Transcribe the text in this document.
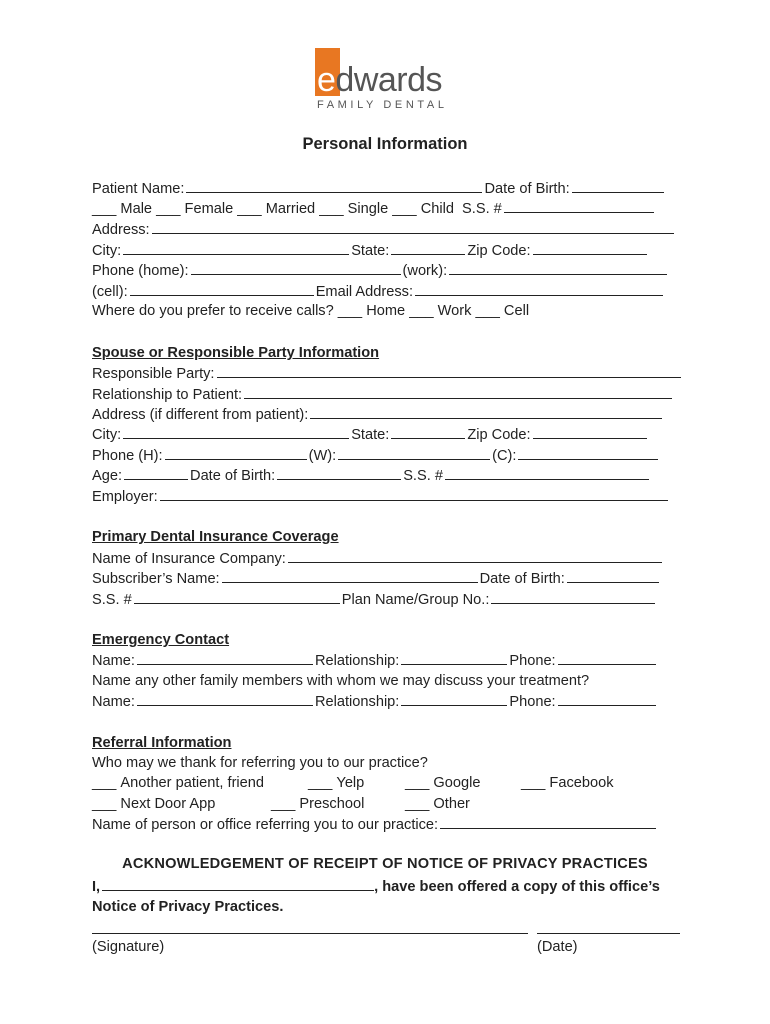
edwards
FAMILY DENTAL
Personal Information
Patient Name:	Date of Birth:
___ Male ___ Female ___ Married ___ Single ___ Child S.S. #
Address:
City:	State:	Zip Code:
Phone (home):	(work):
(cell):	Email Address:
Where do you prefer to receive calls? ___ Home ___ Work ___ Cell
Spouse or Responsible Party Information
Responsible Party:
Relationship to Patient:
Address (if different from patient):
City:	State:	Zip Code:
Phone (H):	(W):	(C):
Age:	Date of Birth:	S.S. #
Employer:
Primary Dental Insurance Coverage
Name of Insurance Company:
Subscriber’s Name:	Date of Birth:
S.S. #	Plan Name/Group No.:
Emergency Contact
Name:	Relationship:	Phone:
Name any other family members with whom we may discuss your treatment?
Name:	Relationship:	Phone:
Referral Information
Who may we thank for referring you to our practice?
___ Another patient, friend	___ Yelp	___ Google	___ Facebook
___ Next Door App	___ Preschool	___ Other
Name of person or office referring you to our practice:
ACKNOWLEDGEMENT OF RECEIPT OF NOTICE OF PRIVACY PRACTICES
I,	, have been offered a copy of this office’s
Notice of Privacy Practices.
(Signature)	(Date)
